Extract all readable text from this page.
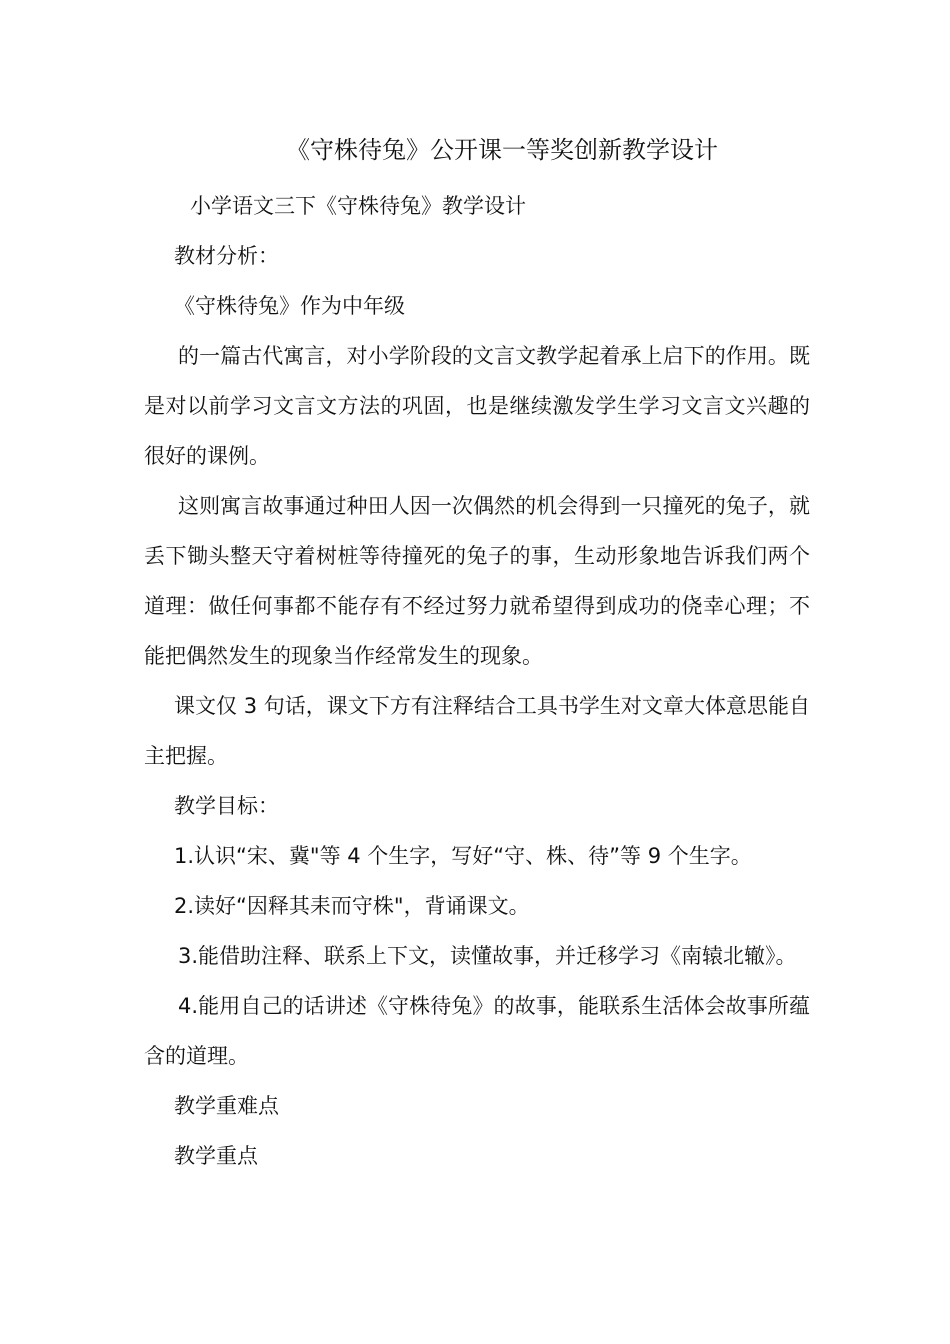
《守株待兔》公开课一等奖创新教学设计

小学语文三下《守株待兔》教学设计

教材分析：

《守株待兔》作为中年级

的一篇古代寓言，对小学阶段的文言文教学起着承上启下的作用。既是对以前学习文言文方法的巩固，也是继续激发学生学习文言文兴趣的很好的课例。

这则寓言故事通过种田人因一次偶然的机会得到一只撞死的兔子，就丢下锄头整天守着树桩等待撞死的兔子的事，生动形象地告诉我们两个道理：做任何事都不能存有不经过努力就希望得到成功的侥幸心理；不能把偶然发生的现象当作经常发生的现象。

课文仅 3 句话，课文下方有注释结合工具书学生对文章大体意思能自主把握。

教学目标：

1.认识“宋、冀"等 4 个生字，写好“守、株、待”等 9 个生字。

2.读好“因释其耒而守株"，背诵课文。

3.能借助注释、联系上下文，读懂故事，并迁移学习《南辕北辙》。

4.能用自己的话讲述《守株待兔》的故事，能联系生活体会故事所蕴含的道理。

教学重难点

教学重点
